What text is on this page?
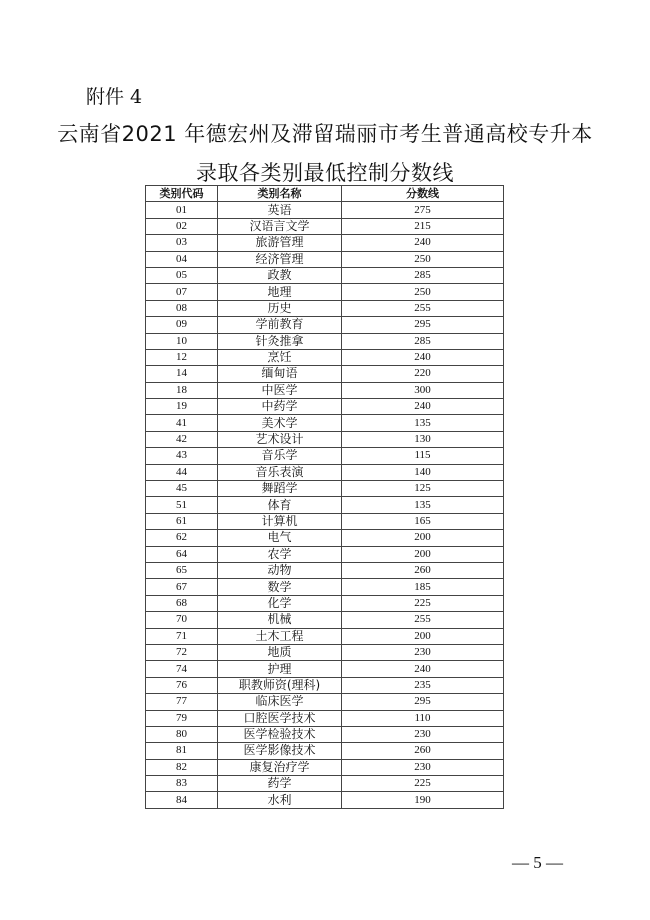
附件 4
云南省2021 年德宏州及滞留瑞丽市考生普通高校专升本
录取各类别最低控制分数线
类别代码	类别名称	分数线
01	英语	275
02	汉语言文学	215
03	旅游管理	240
04	经济管理	250
05	政教	285
07	地理	250
08	历史	255
09	学前教育	295
10	针灸推拿	285
12	烹饪	240
14	缅甸语	220
18	中医学	300
19	中药学	240
41	美术学	135
42	艺术设计	130
43	音乐学	115
44	音乐表演	140
45	舞蹈学	125
51	体育	135
61	计算机	165
62	电气	200
64	农学	200
65	动物	260
67	数学	185
68	化学	225
70	机械	255
71	土木工程	200
72	地质	230
74	护理	240
76	职教师资(理科)	235
77	临床医学	295
79	口腔医学技术	110
80	医学检验技术	230
81	医学影像技术	260
82	康复治疗学	230
83	药学	225
84	水利	190
— 5 —
